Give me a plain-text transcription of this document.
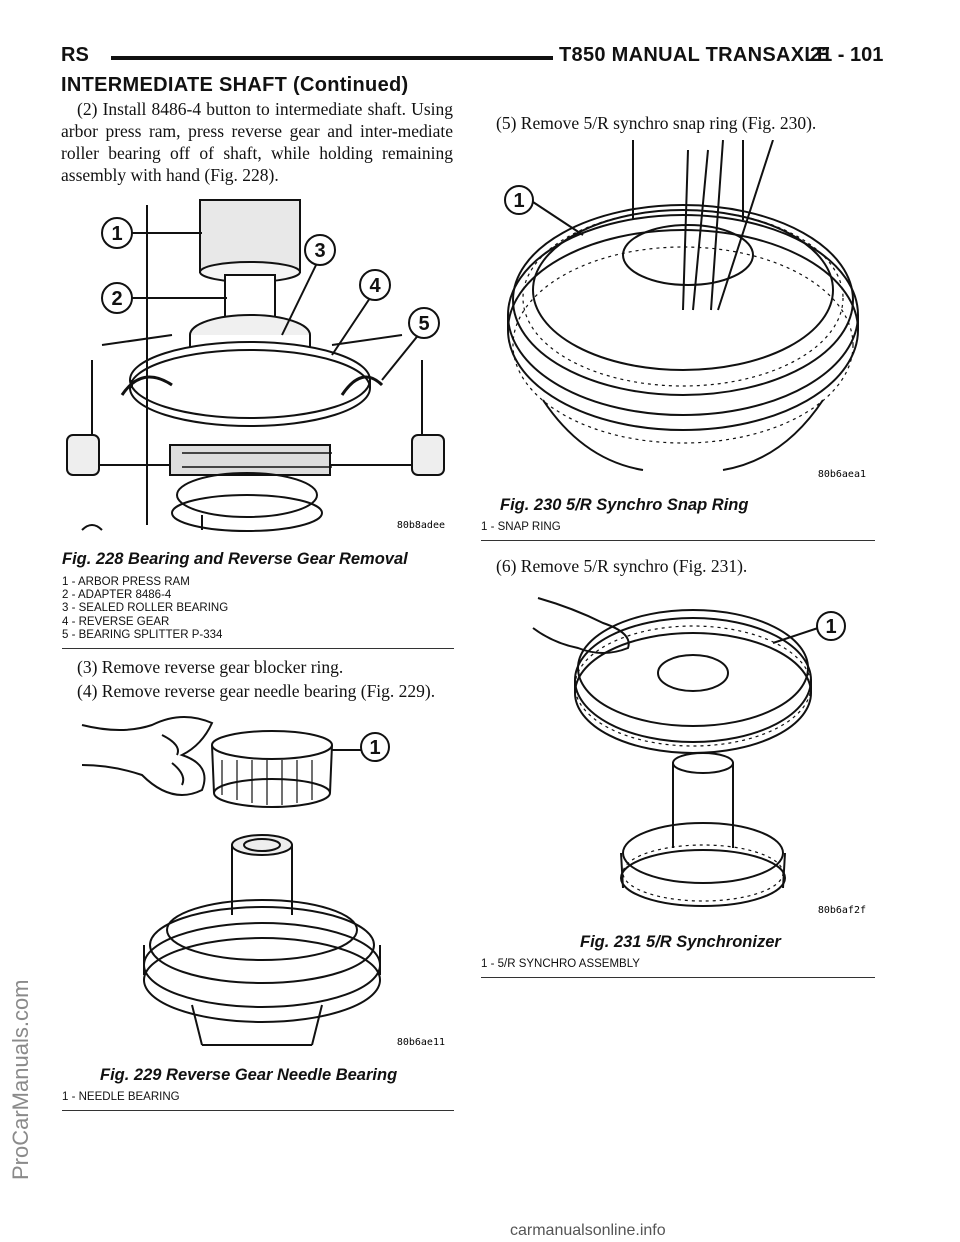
RS	T850 MANUAL TRANSAXLE
21 - 101
INTERMEDIATE SHAFT (Continued)
(2) Install 8486-4 button to intermediate shaft. Using arbor press ram, press reverse gear and inter-mediate roller bearing off of shaft, while holding remaining assembly with hand (Fig. 228).
1
2
3
4
5
80b8adee
Fig. 228 Bearing and Reverse Gear Removal
1 - ARBOR PRESS RAM
2 - ADAPTER 8486-4
3 - SEALED ROLLER BEARING
4 - REVERSE GEAR
5 - BEARING SPLITTER P-334
(3) Remove reverse gear blocker ring.
(4) Remove reverse gear needle bearing (Fig. 229).
1
80b6ae11
Fig. 229 Reverse Gear Needle Bearing
1 - NEEDLE BEARING
(5) Remove 5/R synchro snap ring (Fig. 230).
1
80b6aea1
Fig. 230 5/R Synchro Snap Ring
1 - SNAP RING
(6) Remove 5/R synchro (Fig. 231).
1
80b6af2f
Fig. 231 5/R Synchronizer
1 - 5/R SYNCHRO ASSEMBLY
ProCarManuals.com
carmanualsonline.info
